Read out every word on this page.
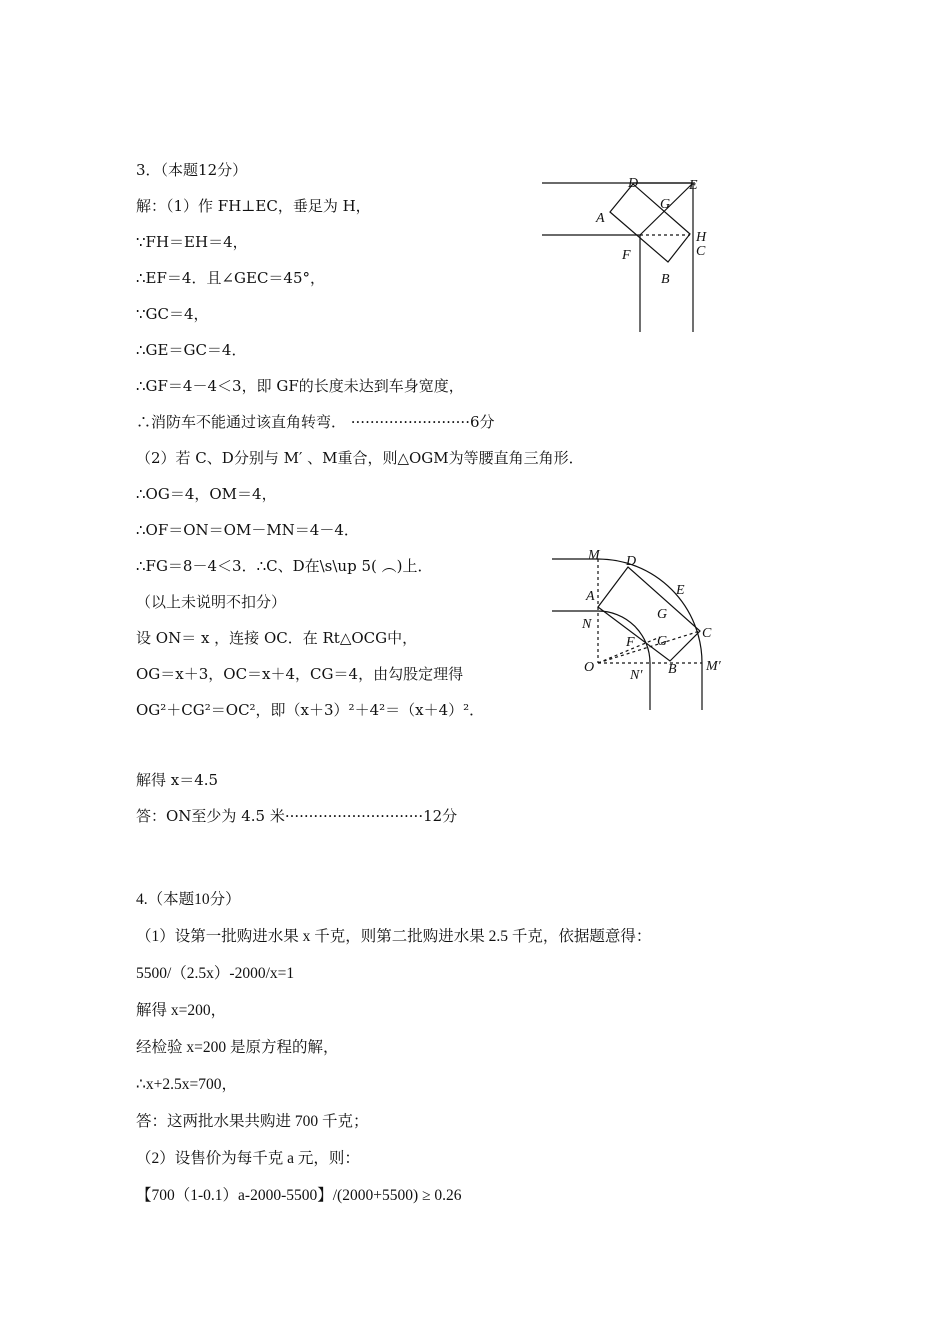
3．（本题12分）
解：（1）作 FH⊥EC，垂足为 H，
∵FH＝EH＝4，
∴EF＝4．且∠GEC＝45°，
∵GC＝4，
∴GE＝GC＝4．
∴GF＝4－4＜3，即 GF的长度未达到车身宽度，
∴消防车不能通过该直角转弯． ·························6分
（2）若 C、D分别与 M′ 、M重合，则△OGM为等腰直角三角形．
∴OG＝4，OM＝4，
∴OF＝ON＝OM－MN＝4－4．
∴FG＝8－4＜3．∴C、D在\s\up 5( ︵)上．
（以上未说明不扣分）
设 ON＝ x ，连接 OC．在 Rt△OCG中，
OG＝x＋3，OC＝x＋4，CG＝4，由勾股定理得
OG²＋CG²＝OC²，即（x＋3）²＋4²＝（x＋4）²．
解得 x＝4.5
答：ON至少为 4.5 米·····························12分
D	E
A
G
H
C
F
B
M D
E
A
G
N
F G
C
O	B M′
N′
4.（本题10分）
（1）设第一批购进水果 x 千克，则第二批购进水果 2.5 千克，依据题意得：
5500/（2.5x）-2000/x=1
解得 x=200，
经检验 x=200 是原方程的解，
∴x+2.5x=700，
答：这两批水果共购进 700 千克；
（2）设售价为每千克 a 元，则：
【700（1-0.1）a-2000-5500】/(2000+5500) ≥ 0.26
